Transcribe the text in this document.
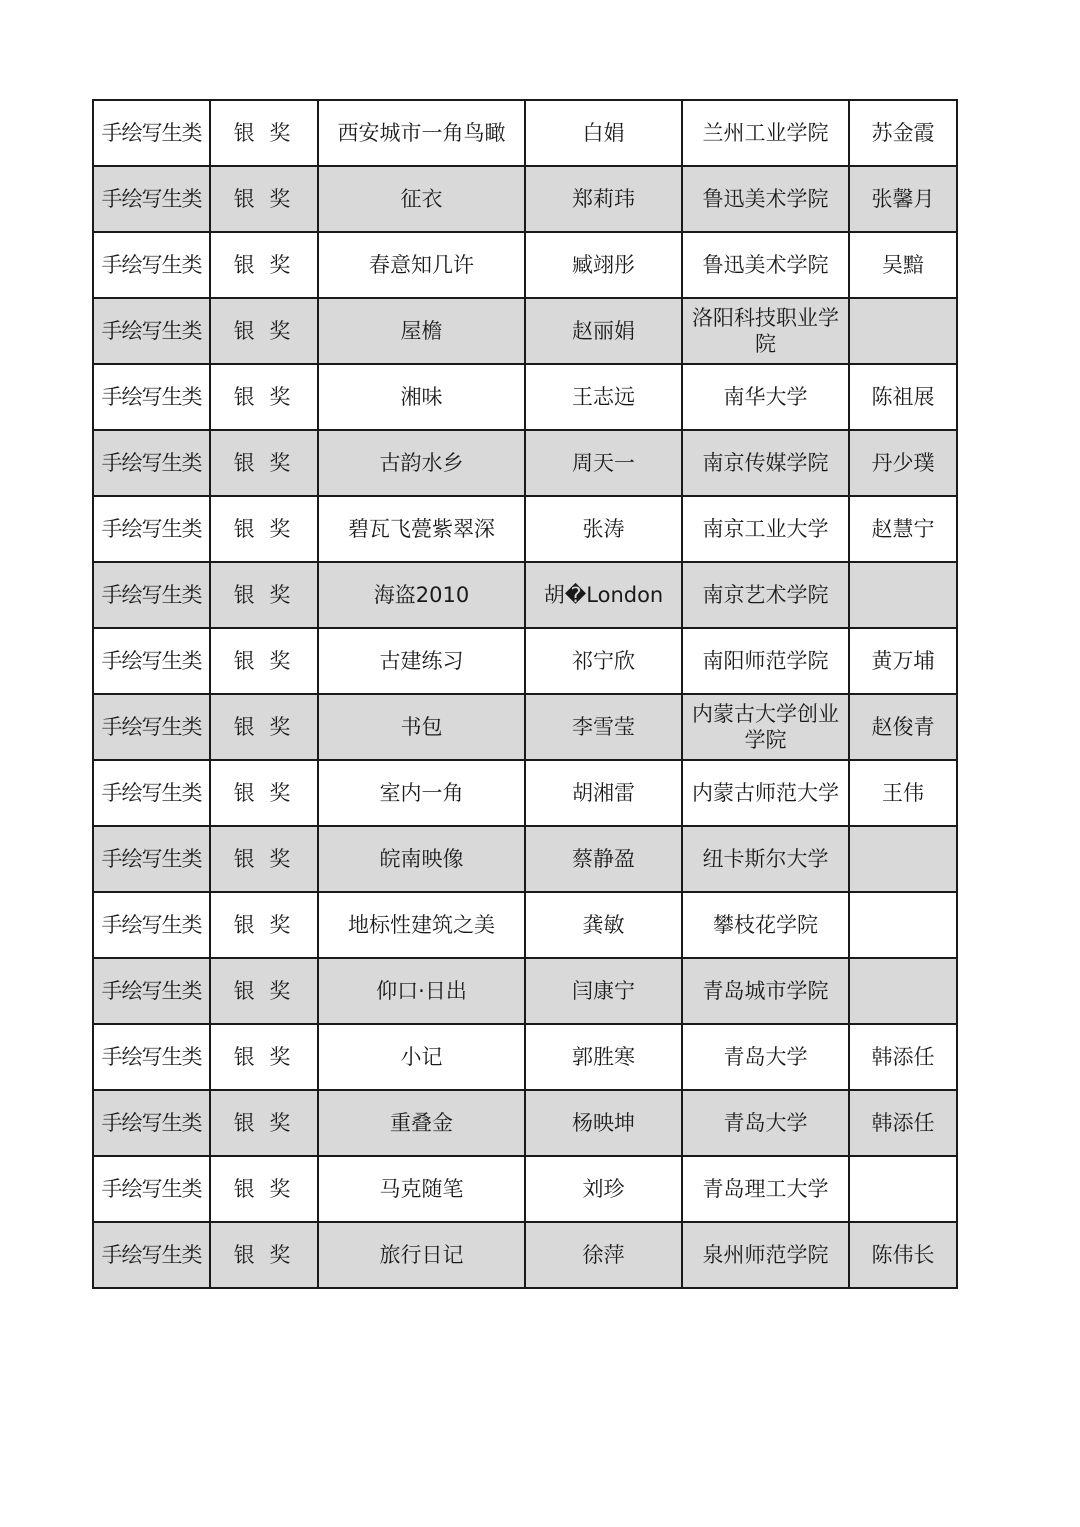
手绘写生类	银 奖	西安城市一角鸟瞰	白娟	兰州工业学院	苏金霞
手绘写生类	银 奖	征衣	郑莉玮	鲁迅美术学院	张馨月
手绘写生类	银 奖	春意知几许	臧翊彤	鲁迅美术学院	吴黯
手绘写生类	银 奖	屋檐	赵丽娟	洛阳科技职业学院	
手绘写生类	银 奖	湘味	王志远	南华大学	陈祖展
手绘写生类	银 奖	古韵水乡	周天一	南京传媒学院	丹少璞
手绘写生类	银 奖	碧瓦飞甍紫翠深	张涛	南京工业大学	赵慧宁
手绘写生类	银 奖	海盗2010	胡�London	南京艺术学院	
手绘写生类	银 奖	古建练习	祁宁欣	南阳师范学院	黄万埔
手绘写生类	银 奖	书包	李雪莹	内蒙古大学创业学院	赵俊青
手绘写生类	银 奖	室内一角	胡湘雷	内蒙古师范大学	王伟
手绘写生类	银 奖	皖南映像	蔡静盈	纽卡斯尔大学	
手绘写生类	银 奖	地标性建筑之美	龚敏	攀枝花学院	
手绘写生类	银 奖	仰口·日出	闫康宁	青岛城市学院	
手绘写生类	银 奖	小记	郭胜寒	青岛大学	韩添任
手绘写生类	银 奖	重叠金	杨映坤	青岛大学	韩添任
手绘写生类	银 奖	马克随笔	刘珍	青岛理工大学	
手绘写生类	银 奖	旅行日记	徐萍	泉州师范学院	陈伟长
